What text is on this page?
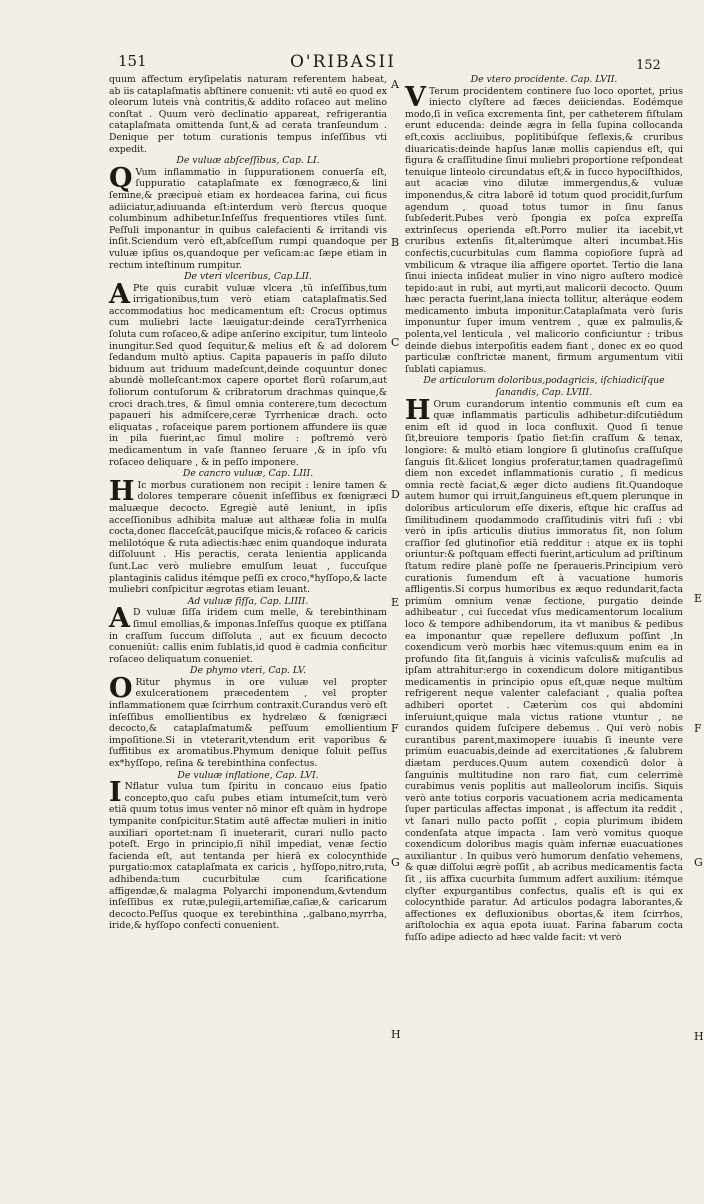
151	O'RIBASII	152

quum affectum eryſipelatis naturam referentem habeat, ab iis cataplaſmatis abſtinere conuenit: vti autē eo quod ex oleorum luteis vnà contritis,& addito roſaceo aut melino conſtat . Quum verò declinatio appareat, refrigerantia cataplaſmata omittenda ſunt,& ad cerata tranſeundum . Denique per totum curationis tempus inſeſſibus vti expedit.

De vuluæ abſceſſibus, Cap. LI.

Q Vum inflammatio in ſuppurationem conuerſa eſt, ſuppuratio cataplaſmate ex fœnogræco,& lini ſemine,& præcipuè etiam ex hordeacea farina, cui ficus adiiciatur,adiuuanda eſt:interdum verò ſtercus quoque columbinum adhibetur.Inſeſſus frequentiores vtiles ſunt. Peſſuli imponantur in quibus calefacienti & irritandi vis inſit.Sciendum verò eſt,abſceſſum rumpi quandoque per vuluæ ipſius os,quandoque per veſicam:ac ſæpe etiam in rectum inteſtinum rumpitur.

De vteri vlceribus, Cap.LII.

A Pte quis curabit vuluæ vlcera ,tū inſeſſibus,tum irrigationibus,tum verò etiam cataplaſmatis.Sed accommodatius hoc medicamentum eſt: Crocus optimus cum muliebri lacte læuigatur:deinde ceraTyrrhenica ſoluta cum roſaceo,& adipe anſerino excipitur, tum linteolo inungitur.Sed quod ſequitur,& melius eſt & ad dolorem ſedandum multò aptius. Capita papaueris in paſſo diluto biduum aut triduum madeſcunt,deinde coquuntur donec abundè molleſcant:mox capere oportet florū roſarum,aut foliorum contuſorum & cribratorum drachmas quinque,& croci drach.tres, & ſimul omnia conterere,tum decoctum papaueri his admiſcere,ceræ Tyrrhenicæ drach. octo eliquatas , roſaceique parem portionem affundere iis quæ in pila fuerint,ac ſimul molire : poſtremò verò medicamentum in vaſe ſtanneo ſeruare ,& in ipſo vſu roſaceo deliquare , & in peſſo imponere.

De cancro vuluæ, Cap. LIII.

H Ic morbus curationem non recipit : lenire tamen & dolores temperare cōuenit inſeſſibus ex fœnigræci maluæque decocto. Egregiè autē leniunt, in ipſis acceſſionibus adhibita maluæ aut althææ folia in mulſa cocta,donec flacceſcāt,pauciſque micis,& roſaceo & caricis melilotóque & ruta adiectis:hæc enim quandoque indurata diſſoluunt . His peractis, cerata lenientia applicanda ſunt.Lac verò muliebre emulſum leuat , ſuccuſque plantaginis calidus itémque peſſi ex croco,*hyſſopo,& lacte muliebri conſpicitur ægrotas etiam leuant.

Ad vuluæ ſiſſa, Cap. LIIII.

A D vuluæ ſiſſa iridem cum melle, & terebinthinam ſimul emollias,& imponas.Inſeſſus quoque ex ptiſſana in craſſum ſuccum diſſoluta , aut ex ficuum decocto conueniūt: callis enim ſublatis,id quod è cadmia conficitur roſaceo deliquatum conueniet.

De phymo vteri, Cap. LV.

O Ritur phymus in ore vuluæ vel propter exulcerationem præcedentem , vel propter inflammationem quæ ſcirrhum contraxit.Curandus verò eſt inſeſſibus emollientibus ex hydrelæo & fœnigræci decocto,& cataplaſmatum& peſſuum emollientium impoſitione.Si in vteterarit,vtendum erit vaporibus & ſuffitibus ex aromatibus.Phymum denique ſoluit peſſus ex*hyſſopo, reſina & terebinthina confectus.

De vuluæ inflatione, Cap. LVI.

I Nflatur vulua tum ſpiritu in concauo eius ſpatio concepto,quo caſu pubes etiam intumeſcit,tum verò etiā quum totus imus venter nō minor eſt quàm in hydrope tympanite conſpicitur.Statim autē affectæ mulieri in initio auxiliari oportet:nam ſi inueterarit, curari nullo pacto poteſt. Ergo in principio,ſi nihil impediat, venæ ſectio facienda eſt, aut tentanda per hierā ex colocynthide purgatio:mox cataplaſmata ex caricis , hyſſopo,nitro,ruta, adhibenda:tum cucurbitulæ cum ſcarificatione affigendæ,& malagma Polyarchi imponendum,&vtendum inſeſſibus ex rutæ,pulegii,artemiſiæ,caſiæ,& caricarum decocto.Peſſus quoque ex terebinthina ,.galbano,myrrha, iride,& hyſſopo confecti conuenient.

De vtero procidente. Cap. LVII.

V Terum procidentem continere ſuo loco oportet, prius iniecto clyſtere ad fæces deiiciendas. Eodémque modo,ſi in veſica excrementa ſint, per catheterem fiſtulam erunt educenda: deinde ægra in ſella ſupina collocanda eſt,coxis accliuibus, poplitibúſque ſeflexis,& cruribus diuaricatis:deinde hapſus lanæ mollis capiendus eſt, qui figura & craſſitudine ſinui muliebri proportione reſpondeat tenuique linteolo circundatus eſt,& in ſucco hypociſthidos, aut acaciæ vino dilutæ immergendus,& vuluæ imponendus,& citra laborē id totum quod procidit,ſurſum agendum , quoad totus tumor in ſinu ſanus ſubſederit.Pubes verò ſpongia ex poſca expreſſa extrinſecus operienda eſt.Porro mulier ita iacebit,vt cruribus extenſis ſit,alterúmque alteri incumbat.His confectis,cucurbitulas cum flamma copioſiore ſuprà ad vmbilicum & vtraque ilia affigere oportet. Tertio die lana ſinui iniecta inſideat mulier in vino nigro auſtero modicè tepido:aut in rubi, aut myrti,aut malicorii decocto. Quum hæc peracta fuerint,lana iniecta tollitur, alteráque eodem medicamento imbuta imponitur.Cataplaſmata verò ſuris imponuntur ſuper imum ventrem , quæ ex palmulis,& polenta,vel lenticula , vel malicorio conficiuntur : tribus deinde diebus interpoſitis eadem fiant , donec ex eo quod particulæ conſtrictæ manent, firmum argumentum vitii ſublati capiamus.

De articulorum doloribus,podagricis, iſchiadicíſque ſanandis, Cap. LVIII.

H Orum curandorum intentio communis eſt cum ea quæ inflammatis particulis adhibetur:diſcutiēdum enim eſt id quod in loca confluxit. Quod ſi tenue ſit,breuiore temporis ſpatio ſiet:ſin craſſum & tenax, longiore: & multò etiam longiore ſi glutinoſus craſſuſque ſanguis ſit.&licet longius proferatur,tamen quadrageſimū diem non excedet inflammationis curatio , ſi medicus omnia rectè faciat,& æger dicto audiens ſit.Quandoque autem humor qui irruit,ſanguineus eſt,quem plerunque in doloribus articulorum eſſe dixeris, eſtque hic craſſus ad ſimilitudinem quodammodo craſſitudinis vitri fuſi : vbi verò in ipſis articulis diutius immoratus ſit, non ſolum craſſior ſed glutinoſior etiā redditur : atque ex iis tophi oriuntur:& poſtquam effecti fuerint,articulum ad priſtinum ſtatum redire planè poſſe ne ſperaueris.Principium verò curationis ſumendum eſt à vacuatione humoris affligentis.Si corpus humoribus ex æquo redundarit,facta primùm omnium venæ ſectione, purgatio deinde adhibeatur , cui ſuccedat vſus medicamentorum localium loco & tempore adhibendorum, ita vt manibus & pedibus ea imponantur quæ repellere defluxum poſſint ,In coxendicum verò morbis hæc vitemus:quum enim ea in profundo ſita ſit,ſanguis à vicinis vaſculis& muſculis ad ipſam attrahitur:ergo in coxendicum dolore mitigantibus medicamentis in principio opus eſt,quæ neque multùm refrigerent neque valenter calefaciant , qualia poſtea adhiberi oportet . Cæterùm cos qui abdomini inſeruiunt,quique mala victus ratione vtuntur , ne curandos quidem ſuſcipere debemus . Qui verò nobis curantibus parent,maximopere iuuabis ſi ineunte vere primùm euacuabis,deinde ad exercitationes ,& ſalubrem diætam perduces.Quum autem coxendicū dolor à ſanguinis multitudine non raro fiat, cum celerrimè curabimus venis poplitis aut malleolorum inciſis. Siquis verò ante totius corporis vacuationem acria medicamenta ſuper particulas affectas imponat , is affectum ita reddit , vt ſanari nullo pacto poſſit , copia plurimum ibidem condenſata atque impacta . Iam verò vomitus quoque coxendicum doloribus magis quàm infernæ euacuationes auxiliantur . In quibus verò humorum denſatio vehemens, & quæ diſſolui ægrè poſſit , ab acribus medicamentis facta ſit , iis affixa cucurbita ſummum adfert auxilium: itémque clyſter expurgantibus confectus, qualis eſt is qui ex colocynthide paratur. Ad articulos podagra laborantes,& affectiones ex defluxionibus obortas,& item ſcirrhos, ariſtolochia ex aqua epota iuuat. Farina fabarum cocta fuſſo adipe adiecto ad hæc valde facit: vt verò

A
B
C
D
E
F
G
H
E
F
G
H
